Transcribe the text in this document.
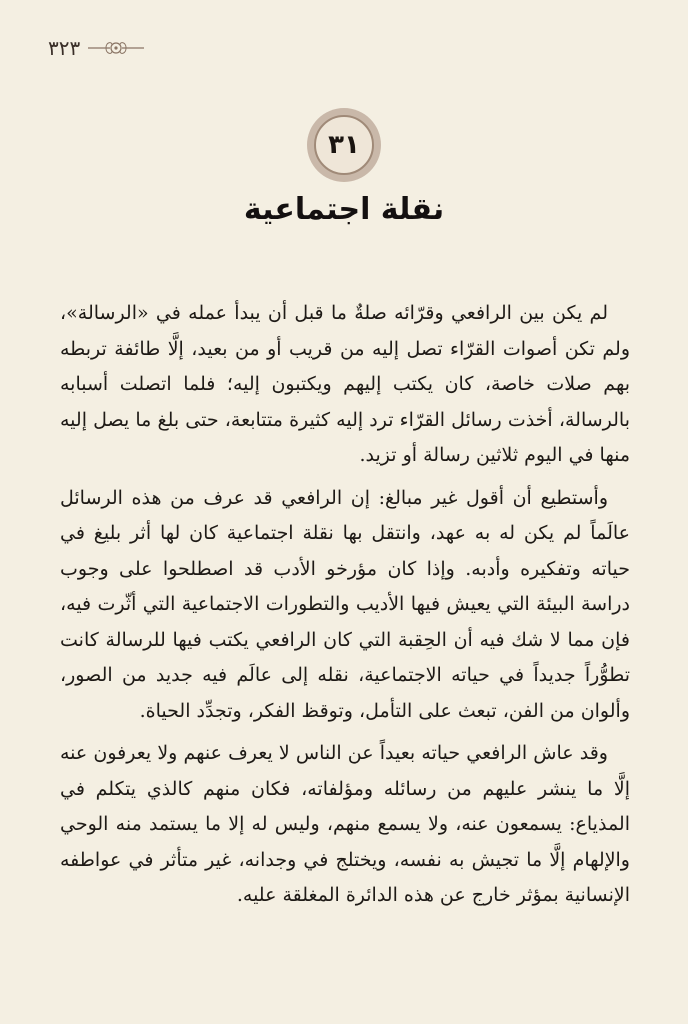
٣٢٣
٣١
نقلة اجتماعية

لم يكن بين الرافعي وقرّائه صلةٌ ما قبل أن يبدأ عمله في «الرسالة»، ولم تكن أصوات القرّاء تصل إليه من قريب أو من بعيد، إلَّا طائفة تربطه بهم صلات خاصة، كان يكتب إليهم ويكتبون إليه؛ فلما اتصلت أسبابه بالرسالة، أخذت رسائل القرّاء ترد إليه كثيرة متتابعة، حتى بلغ ما يصل إليه منها في اليوم ثلاثين رسالة أو تزيد.

وأستطيع أن أقول غير مبالغ: إن الرافعي قد عرف من هذه الرسائل عالَماً لم يكن له به عهد، وانتقل بها نقلة اجتماعية كان لها أثر بليغ في حياته وتفكيره وأدبه. وإذا كان مؤرخو الأدب قد اصطلحوا على وجوب دراسة البيئة التي يعيش فيها الأديب والتطورات الاجتماعية التي أثّرت فيه، فإن مما لا شك فيه أن الحِقبة التي كان الرافعي يكتب فيها للرسالة كانت تطوُّراً جديداً في حياته الاجتماعية، نقله إلى عالَم فيه جديد من الصور، وألوان من الفن، تبعث على التأمل، وتوقظ الفكر، وتجدِّد الحياة.

وقد عاش الرافعي حياته بعيداً عن الناس لا يعرف عنهم ولا يعرفون عنه إلَّا ما ينشر عليهم من رسائله ومؤلفاته، فكان منهم كالذي يتكلم في المذياع: يسمعون عنه، ولا يسمع منهم، وليس له إلا ما يستمد منه الوحي والإلهام إلَّا ما تجيش به نفسه، ويختلج في وجدانه، غير متأثر في عواطفه الإنسانية بمؤثر خارج عن هذه الدائرة المغلقة عليه.
